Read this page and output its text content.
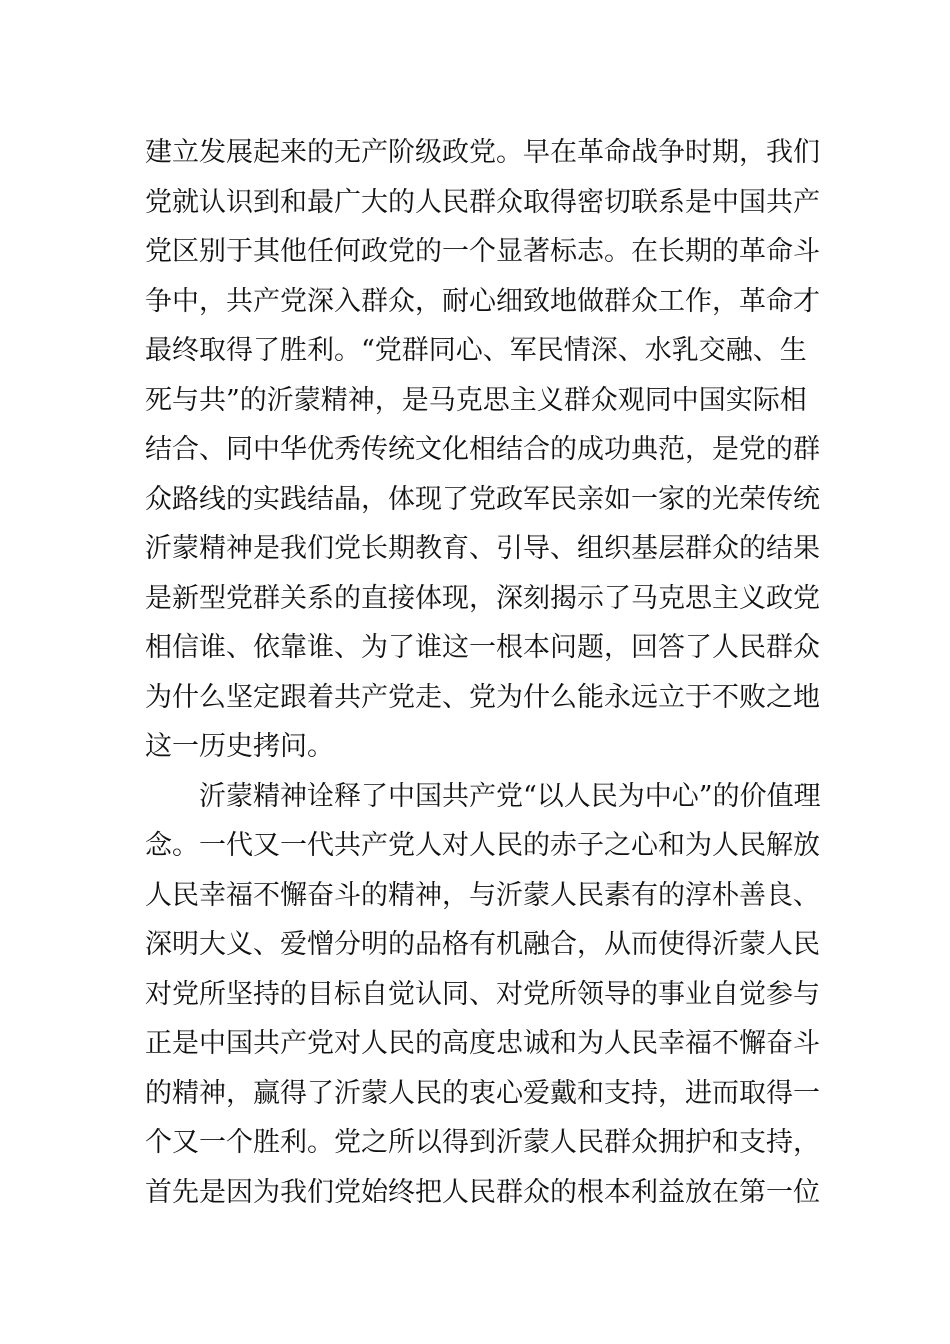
建立发展起来的无产阶级政党。早在革命战争时期，我们
党就认识到和最广大的人民群众取得密切联系是中国共产
党区别于其他任何政党的一个显著标志。在长期的革命斗
争中，共产党深入群众，耐心细致地做群众工作，革命才
最终取得了胜利。“党群同心、军民情深、水乳交融、生
死与共”的沂蒙精神，是马克思主义群众观同中国实际相
结合、同中华优秀传统文化相结合的成功典范，是党的群
众路线的实践结晶，体现了党政军民亲如一家的光荣传统
沂蒙精神是我们党长期教育、引导、组织基层群众的结果
是新型党群关系的直接体现，深刻揭示了马克思主义政党
相信谁、依靠谁、为了谁这一根本问题，回答了人民群众
为什么坚定跟着共产党走、党为什么能永远立于不败之地
这一历史拷问。
沂蒙精神诠释了中国共产党“以人民为中心”的价值理
念。一代又一代共产党人对人民的赤子之心和为人民解放
人民幸福不懈奋斗的精神，与沂蒙人民素有的淳朴善良、
深明大义、爱憎分明的品格有机融合，从而使得沂蒙人民
对党所坚持的目标自觉认同、对党所领导的事业自觉参与
正是中国共产党对人民的高度忠诚和为人民幸福不懈奋斗
的精神，赢得了沂蒙人民的衷心爱戴和支持，进而取得一
个又一个胜利。党之所以得到沂蒙人民群众拥护和支持，
首先是因为我们党始终把人民群众的根本利益放在第一位
